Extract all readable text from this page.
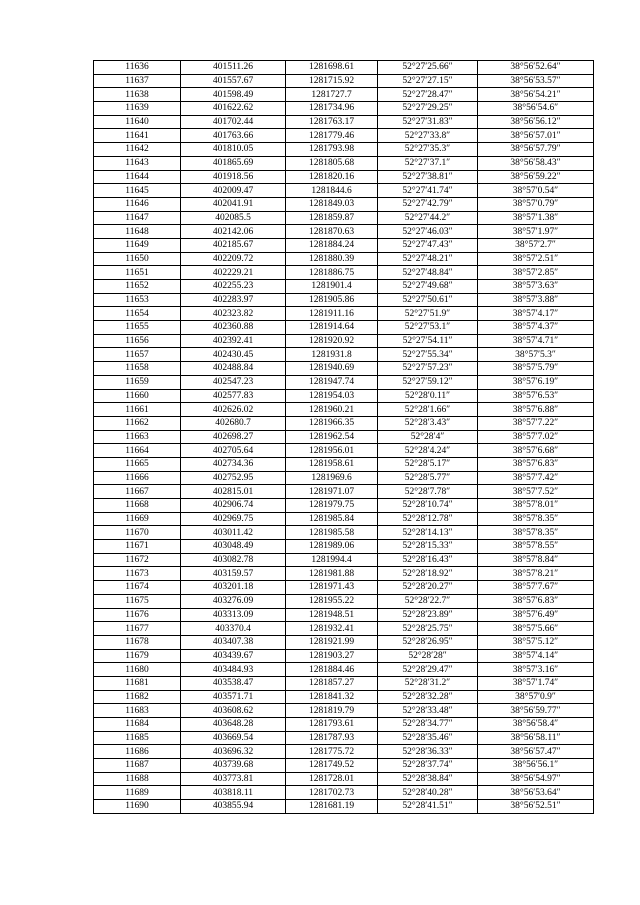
11636	401511.26	1281698.61	52°27′25.66″	38°56′52.64″
11637	401557.67	1281715.92	52°27′27.15″	38°56′53.57″
11638	401598.49	1281727.7	52°27′28.47″	38°56′54.21″
11639	401622.62	1281734.96	52°27′29.25″	38°56′54.6″
11640	401702.44	1281763.17	52°27′31.83″	38°56′56.12″
11641	401763.66	1281779.46	52°27′33.8″	38°56′57.01″
11642	401810.05	1281793.98	52°27′35.3″	38°56′57.79″
11643	401865.69	1281805.68	52°27′37.1″	38°56′58.43″
11644	401918.56	1281820.16	52°27′38.81″	38°56′59.22″
11645	402009.47	1281844.6	52°27′41.74″	38°57′0.54″
11646	402041.91	1281849.03	52°27′42.79″	38°57′0.79″
11647	402085.5	1281859.87	52°27′44.2″	38°57′1.38″
11648	402142.06	1281870.63	52°27′46.03″	38°57′1.97″
11649	402185.67	1281884.24	52°27′47.43″	38°57′2.7″
11650	402209.72	1281880.39	52°27′48.21″	38°57′2.51″
11651	402229.21	1281886.75	52°27′48.84″	38°57′2.85″
11652	402255.23	1281901.4	52°27′49.68″	38°57′3.63″
11653	402283.97	1281905.86	52°27′50.61″	38°57′3.88″
11654	402323.82	1281911.16	52°27′51.9″	38°57′4.17″
11655	402360.88	1281914.64	52°27′53.1″	38°57′4.37″
11656	402392.41	1281920.92	52°27′54.11″	38°57′4.71″
11657	402430.45	1281931.8	52°27′55.34″	38°57′5.3″
11658	402488.84	1281940.69	52°27′57.23″	38°57′5.79″
11659	402547.23	1281947.74	52°27′59.12″	38°57′6.19″
11660	402577.83	1281954.03	52°28′0.11″	38°57′6.53″
11661	402626.02	1281960.21	52°28′1.66″	38°57′6.88″
11662	402680.7	1281966.35	52°28′3.43″	38°57′7.22″
11663	402698.27	1281962.54	52°28′4″	38°57′7.02″
11664	402705.64	1281956.01	52°28′4.24″	38°57′6.68″
11665	402734.36	1281958.61	52°28′5.17″	38°57′6.83″
11666	402752.95	1281969.6	52°28′5.77″	38°57′7.42″
11667	402815.01	1281971.07	52°28′7.78″	38°57′7.52″
11668	402906.74	1281979.75	52°28′10.74″	38°57′8.01″
11669	402969.75	1281985.84	52°28′12.78″	38°57′8.35″
11670	403011.42	1281985.58	52°28′14.13″	38°57′8.35″
11671	403048.49	1281989.06	52°28′15.33″	38°57′8.55″
11672	403082.78	1281994.4	52°28′16.43″	38°57′8.84″
11673	403159.57	1281981.88	52°28′18.92″	38°57′8.21″
11674	403201.18	1281971.43	52°28′20.27″	38°57′7.67″
11675	403276.09	1281955.22	52°28′22.7″	38°57′6.83″
11676	403313.09	1281948.51	52°28′23.89″	38°57′6.49″
11677	403370.4	1281932.41	52°28′25.75″	38°57′5.66″
11678	403407.38	1281921.99	52°28′26.95″	38°57′5.12″
11679	403439.67	1281903.27	52°28′28″	38°57′4.14″
11680	403484.93	1281884.46	52°28′29.47″	38°57′3.16″
11681	403538.47	1281857.27	52°28′31.2″	38°57′1.74″
11682	403571.71	1281841.32	52°28′32.28″	38°57′0.9″
11683	403608.62	1281819.79	52°28′33.48″	38°56′59.77″
11684	403648.28	1281793.61	52°28′34.77″	38°56′58.4″
11685	403669.54	1281787.93	52°28′35.46″	38°56′58.11″
11686	403696.32	1281775.72	52°28′36.33″	38°56′57.47″
11687	403739.68	1281749.52	52°28′37.74″	38°56′56.1″
11688	403773.81	1281728.01	52°28′38.84″	38°56′54.97″
11689	403818.11	1281702.73	52°28′40.28″	38°56′53.64″
11690	403855.94	1281681.19	52°28′41.51″	38°56′52.51″
